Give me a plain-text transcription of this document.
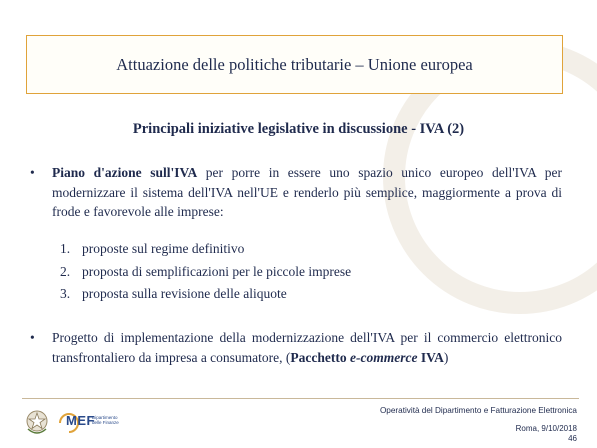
Attuazione delle politiche tributarie – Unione europea
Principali iniziative legislative in discussione - IVA (2)
• Piano d'azione sull'IVA per porre in essere uno spazio unico europeo dell'IVA per modernizzare il sistema dell'IVA nell'UE e renderlo più semplice, maggiormente a prova di frode e favorevole alle imprese:
1. proposte sul regime definitivo
2. proposta di semplificazioni per le piccole imprese
3. proposta sulla revisione delle aliquote
• Progetto di implementazione della modernizzazione dell'IVA per il commercio elettronico transfrontaliero da impresa a consumatore, (Pacchetto e-commerce IVA)
MEF
Dipartimento delle Finanze
Operatività del Dipartimento e Fatturazione Elettronica
Roma, 9/10/2018
46
